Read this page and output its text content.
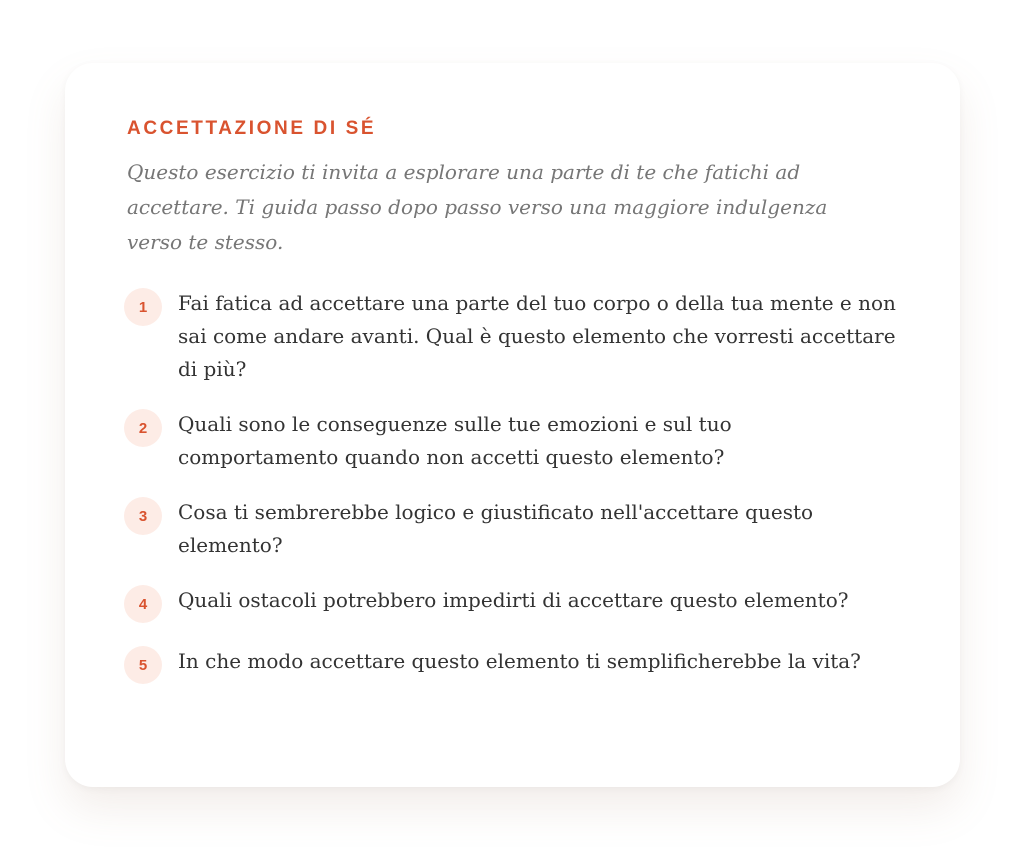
ACCETTAZIONE DI SÉ

Questo esercizio ti invita a esplorare una parte di te che fatichi ad accettare. Ti guida passo dopo passo verso una maggiore indulgenza verso te stesso.

1	Fai fatica ad accettare una parte del tuo corpo o della tua mente e non sai come andare avanti. Qual è questo elemento che vorresti accettare di più?
2	Quali sono le conseguenze sulle tue emozioni e sul tuo comportamento quando non accetti questo elemento?
3	Cosa ti sembrerebbe logico e giustificato nell'accettare questo elemento?
4	Quali ostacoli potrebbero impedirti di accettare questo elemento?
5	In che modo accettare questo elemento ti semplificherebbe la vita?
